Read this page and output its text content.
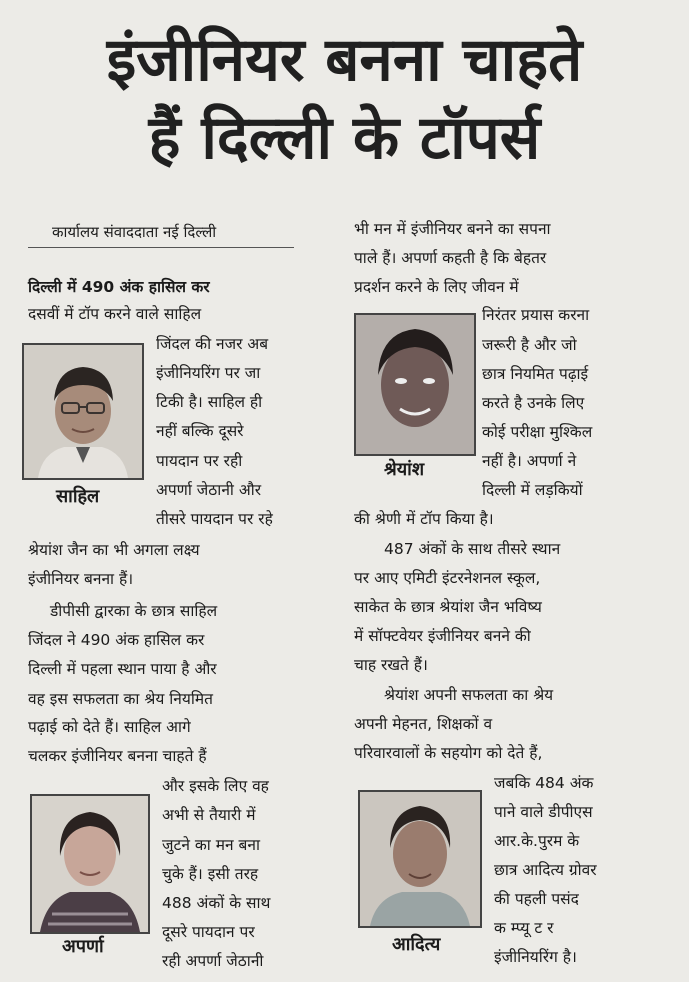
इंजीनियर बनना चाहते
हैं दिल्ली के टॉपर्स
कार्यालय संवाददाता नई दिल्ली
दिल्ली में 490 अंक हासिल कर
दसवीं में टॉप करने वाले साहिल
जिंदल की नजर अब
इंजीनियरिंग पर जा
टिकी है। साहिल ही
नहीं बल्कि दूसरे
पायदान पर रही
अपर्णा जेठानी और
तीसरे पायदान पर रहे
श्रेयांश जैन का भी अगला लक्ष्य
इंजीनियर बनना हैं।
डीपीसी द्वारका के छात्र साहिल
जिंदल ने 490 अंक हासिल कर
दिल्ली में पहला स्थान पाया है और
वह इस सफलता का श्रेय नियमित
पढ़ाई को देते हैं। साहिल आगे
चलकर इंजीनियर बनना चाहते हैं
और इसके लिए वह
अभी से तैयारी में
जुटने का मन बना
चुके हैं। इसी तरह
488 अंकों के साथ
दूसरे पायदान पर
रही अपर्णा जेठानी
भी मन में इंजीनियर बनने का सपना
पाले हैं। अपर्णा कहती है कि बेहतर
प्रदर्शन करने के लिए जीवन में
निरंतर प्रयास करना
जरूरी है और जो
छात्र नियमित पढ़ाई
करते है उनके लिए
कोई परीक्षा मुश्किल
नहीं है। अपर्णा ने
दिल्ली में लड़कियों
की श्रेणी में टॉप किया है।
487 अंकों के साथ तीसरे स्थान
पर आए एमिटी इंटरनेशनल स्कूल,
साकेत के छात्र श्रेयांश जैन भविष्य
में सॉफ्टवेयर इंजीनियर बनने की
चाह रखते हैं।
श्रेयांश अपनी सफलता का श्रेय
अपनी मेहनत, शिक्षकों व
परिवारवालों के सहयोग को देते हैं,
जबकि 484 अंक
पाने वाले डीपीएस
आर.के.पुरम के
छात्र आदित्य ग्रोवर
की पहली पसंद
क म्प्यू ट र
इंजीनियरिंग है।
साहिल
श्रेयांश
अपर्णा	आदित्य
